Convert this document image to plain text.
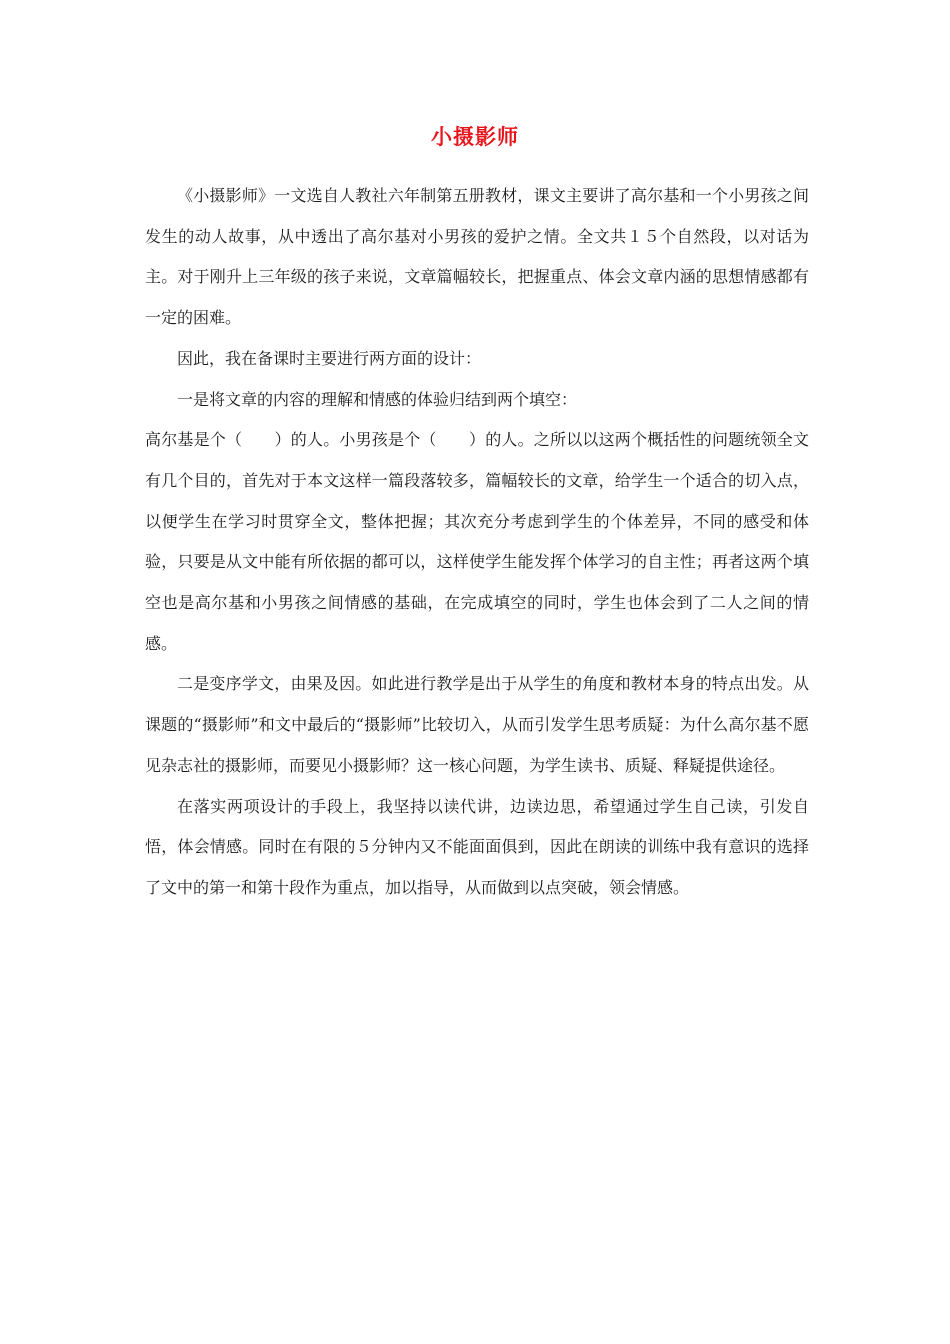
小摄影师

《小摄影师》一文选自人教社六年制第五册教材，课文主要讲了高尔基和一个小男孩之间发生的动人故事，从中透出了高尔基对小男孩的爱护之情。全文共１５个自然段，以对话为主。对于刚升上三年级的孩子来说，文章篇幅较长，把握重点、体会文章内涵的思想情感都有一定的困难。

因此，我在备课时主要进行两方面的设计：

一是将文章的内容的理解和情感的体验归结到两个填空：

高尔基是个（　　）的人。小男孩是个（　　）的人。之所以以这两个概括性的问题统领全文有几个目的，首先对于本文这样一篇段落较多，篇幅较长的文章，给学生一个适合的切入点，以便学生在学习时贯穿全文，整体把握；其次充分考虑到学生的个体差异，不同的感受和体验，只要是从文中能有所依据的都可以，这样使学生能发挥个体学习的自主性；再者这两个填空也是高尔基和小男孩之间情感的基础，在完成填空的同时，学生也体会到了二人之间的情感。

二是变序学文，由果及因。如此进行教学是出于从学生的角度和教材本身的特点出发。从课题的“摄影师”和文中最后的“摄影师”比较切入，从而引发学生思考质疑：为什么高尔基不愿见杂志社的摄影师，而要见小摄影师？这一核心问题，为学生读书、质疑、释疑提供途径。

在落实两项设计的手段上，我坚持以读代讲，边读边思，希望通过学生自己读，引发自悟，体会情感。同时在有限的５分钟内又不能面面俱到，因此在朗读的训练中我有意识的选择了文中的第一和第十段作为重点，加以指导，从而做到以点突破，领会情感。
